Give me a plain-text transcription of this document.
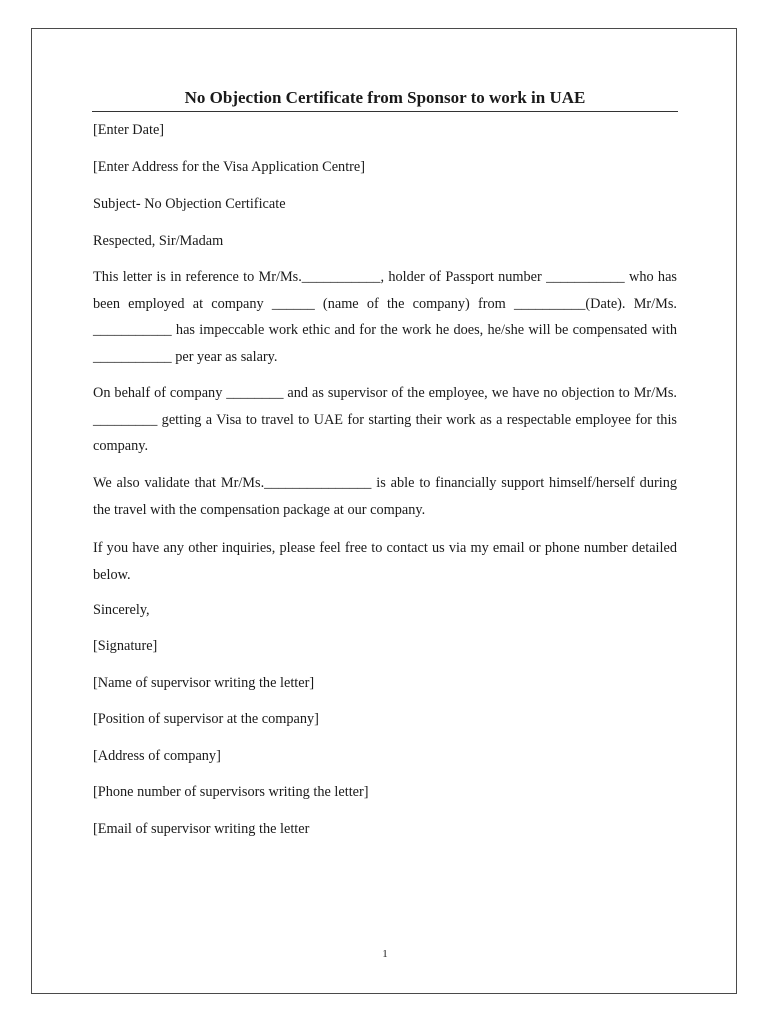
No Objection Certificate from Sponsor to work in UAE

[Enter Date]

[Enter Address for the Visa Application Centre]

Subject- No Objection Certificate

Respected, Sir/Madam

This letter is in reference to Mr/Ms.___________, holder of Passport number ___________ who has been employed at company ______ (name of the company) from __________(Date). Mr/Ms. ___________ has impeccable work ethic and for the work he does, he/she will be compensated with ___________ per year as salary.

On behalf of company ________ and as supervisor of the employee, we have no objection to Mr/Ms. _________ getting a Visa to travel to UAE for starting their work as a respectable employee for this company.

We also validate that Mr/Ms._______________ is able to financially support himself/herself during the travel with the compensation package at our company.

If you have any other inquiries, please feel free to contact us via my email or phone number detailed below.

Sincerely,

[Signature]

[Name of supervisor writing the letter]

[Position of supervisor at the company]

[Address of company]

[Phone number of supervisors writing the letter]

[Email of supervisor writing the letter

1
